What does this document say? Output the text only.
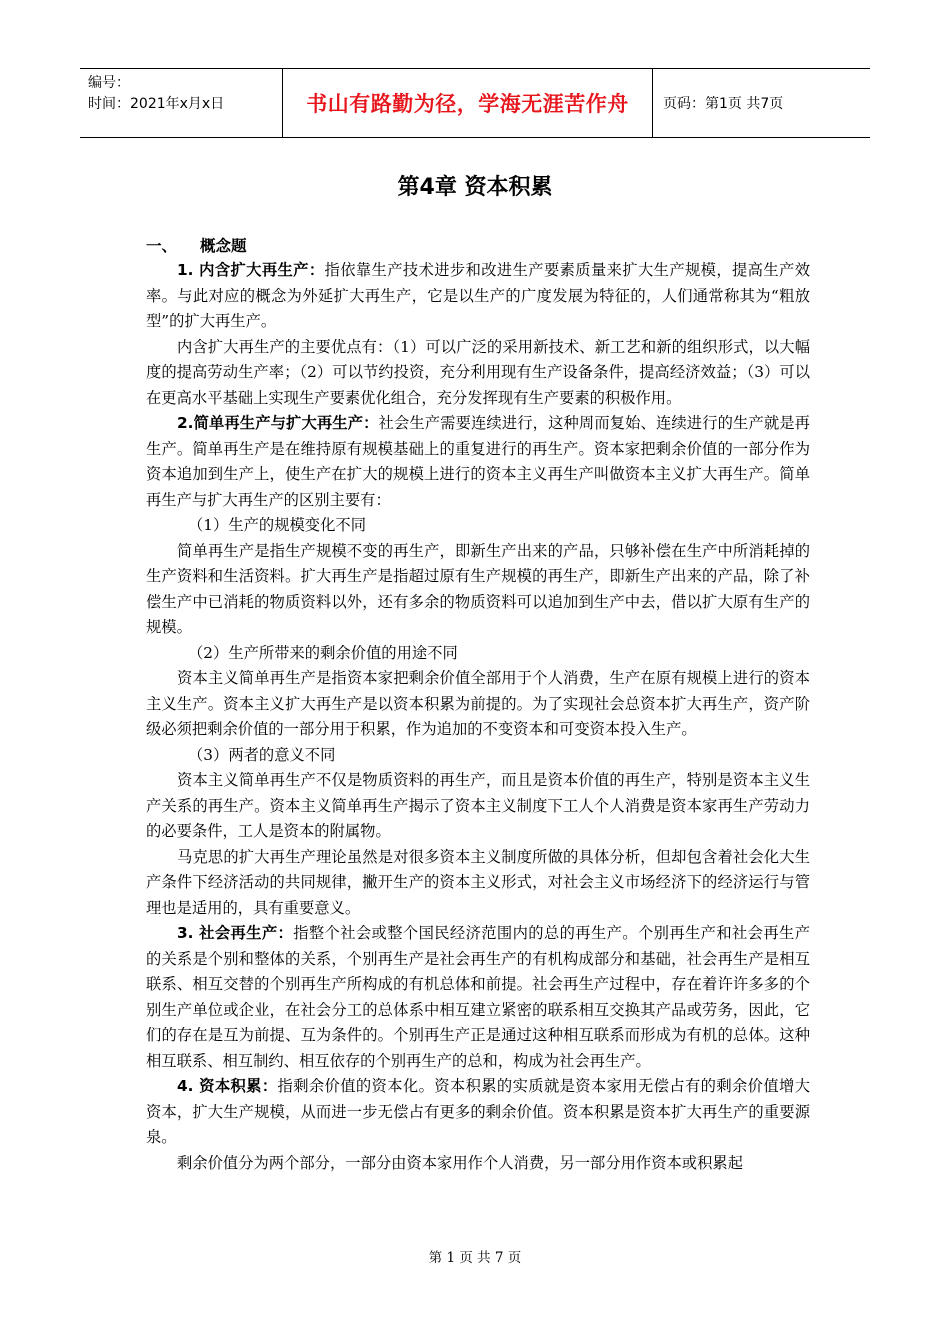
编号：
时间：2021年x月x日	书山有路勤为径，学海无涯苦作舟	页码：第1页 共7页
第4章 资本积累
一、 概念题

1. 内含扩大再生产：指依靠生产技术进步和改进生产要素质量来扩大生产规模，提高生产效率。与此对应的概念为外延扩大再生产，它是以生产的广度发展为特征的，人们通常称其为“粗放型”的扩大再生产。

内含扩大再生产的主要优点有：（1）可以广泛的采用新技术、新工艺和新的组织形式，以大幅度的提高劳动生产率；（2）可以节约投资，充分利用现有生产设备条件，提高经济效益；（3）可以在更高水平基础上实现生产要素优化组合，充分发挥现有生产要素的积极作用。

2.简单再生产与扩大再生产：社会生产需要连续进行，这种周而复始、连续进行的生产就是再生产。简单再生产是在维持原有规模基础上的重复进行的再生产。资本家把剩余价值的一部分作为资本追加到生产上，使生产在扩大的规模上进行的资本主义再生产叫做资本主义扩大再生产。简单再生产与扩大再生产的区别主要有：

（1）生产的规模变化不同

简单再生产是指生产规模不变的再生产，即新生产出来的产品，只够补偿在生产中所消耗掉的生产资料和生活资料。扩大再生产是指超过原有生产规模的再生产，即新生产出来的产品，除了补偿生产中已消耗的物质资料以外，还有多余的物质资料可以追加到生产中去，借以扩大原有生产的规模。

（2）生产所带来的剩余价值的用途不同

资本主义简单再生产是指资本家把剩余价值全部用于个人消费，生产在原有规模上进行的资本主义生产。资本主义扩大再生产是以资本积累为前提的。为了实现社会总资本扩大再生产，资产阶级必须把剩余价值的一部分用于积累，作为追加的不变资本和可变资本投入生产。

（3）两者的意义不同

资本主义简单再生产不仅是物质资料的再生产，而且是资本价值的再生产，特别是资本主义生产关系的再生产。资本主义简单再生产揭示了资本主义制度下工人个人消费是资本家再生产劳动力的必要条件，工人是资本的附属物。

马克思的扩大再生产理论虽然是对很多资本主义制度所做的具体分析，但却包含着社会化大生产条件下经济活动的共同规律，撇开生产的资本主义形式，对社会主义市场经济下的经济运行与管理也是适用的，具有重要意义。

3. 社会再生产：指整个社会或整个国民经济范围内的总的再生产。个别再生产和社会再生产的关系是个别和整体的关系，个别再生产是社会再生产的有机构成部分和基础，社会再生产是相互联系、相互交替的个别再生产所构成的有机总体和前提。社会再生产过程中，存在着许许多多的个别生产单位或企业，在社会分工的总体系中相互建立紧密的联系相互交换其产品或劳务，因此，它们的存在是互为前提、互为条件的。个别再生产正是通过这种相互联系而形成为有机的总体。这种相互联系、相互制约、相互依存的个别再生产的总和，构成为社会再生产。

4. 资本积累：指剩余价值的资本化。资本积累的实质就是资本家用无偿占有的剩余价值增大资本，扩大生产规模，从而进一步无偿占有更多的剩余价值。资本积累是资本扩大再生产的重要源泉。

剩余价值分为两个部分，一部分由资本家用作个人消费，另一部分用作资本或积累起

第 1 页 共 7 页
